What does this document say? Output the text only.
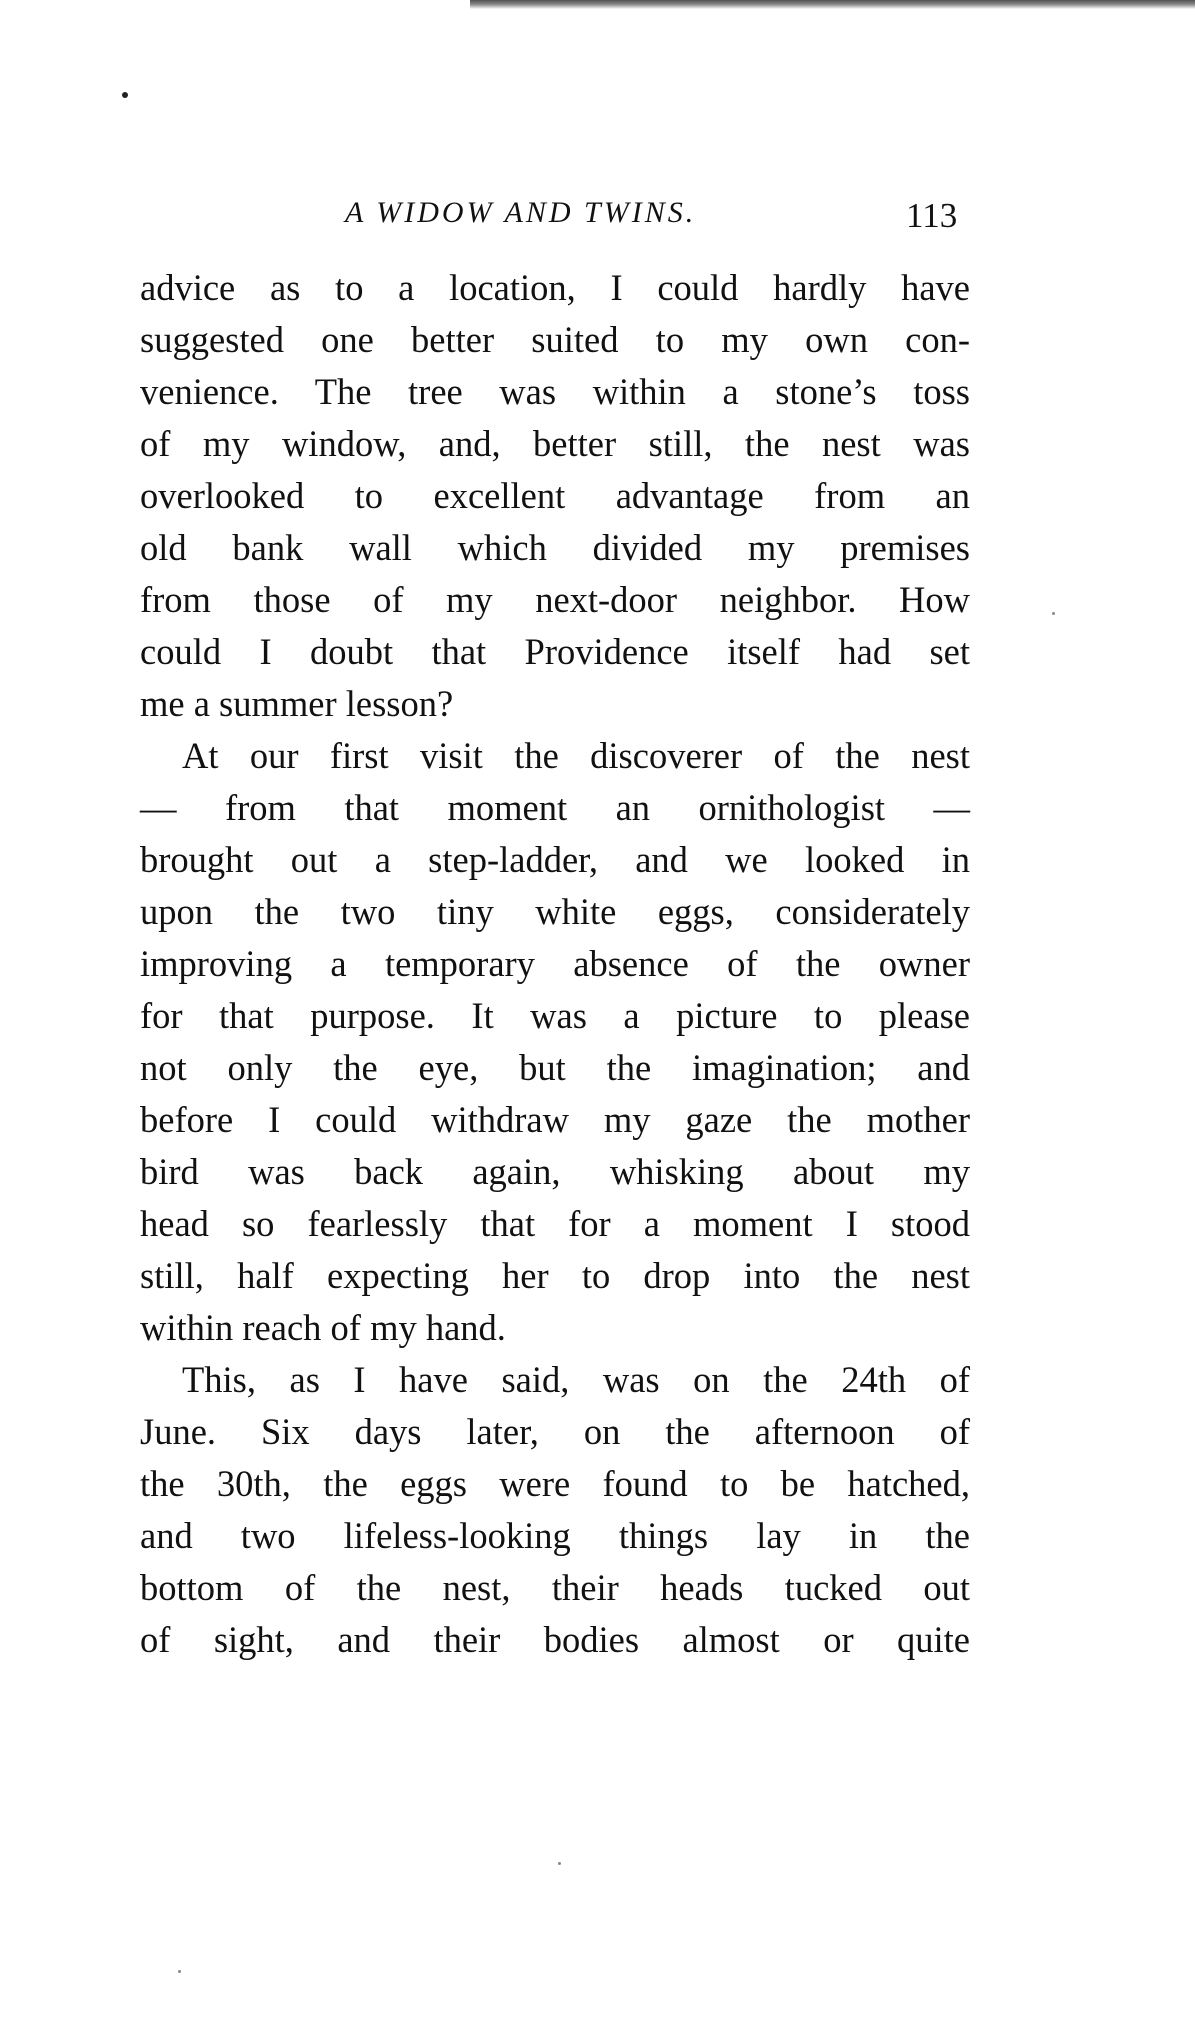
A WIDOW AND TWINS.	113
advice as to a location, I could hardly have
suggested one better suited to my own con-
venience. The tree was within a stone’s toss
of my window, and, better still, the nest was
overlooked to excellent advantage from an
old bank wall which divided my premises
from those of my next-door neighbor. How
could I doubt that Providence itself had set
me a summer lesson?
At our first visit the discoverer of the nest
— from that moment an ornithologist —
brought out a step-ladder, and we looked in
upon the two tiny white eggs, considerately
improving a temporary absence of the owner
for that purpose. It was a picture to please
not only the eye, but the imagination; and
before I could withdraw my gaze the mother
bird was back again, whisking about my
head so fearlessly that for a moment I stood
still, half expecting her to drop into the nest
within reach of my hand.
This, as I have said, was on the 24th of
June. Six days later, on the afternoon of
the 30th, the eggs were found to be hatched,
and two lifeless-looking things lay in the
bottom of the nest, their heads tucked out
of sight, and their bodies almost or quite
